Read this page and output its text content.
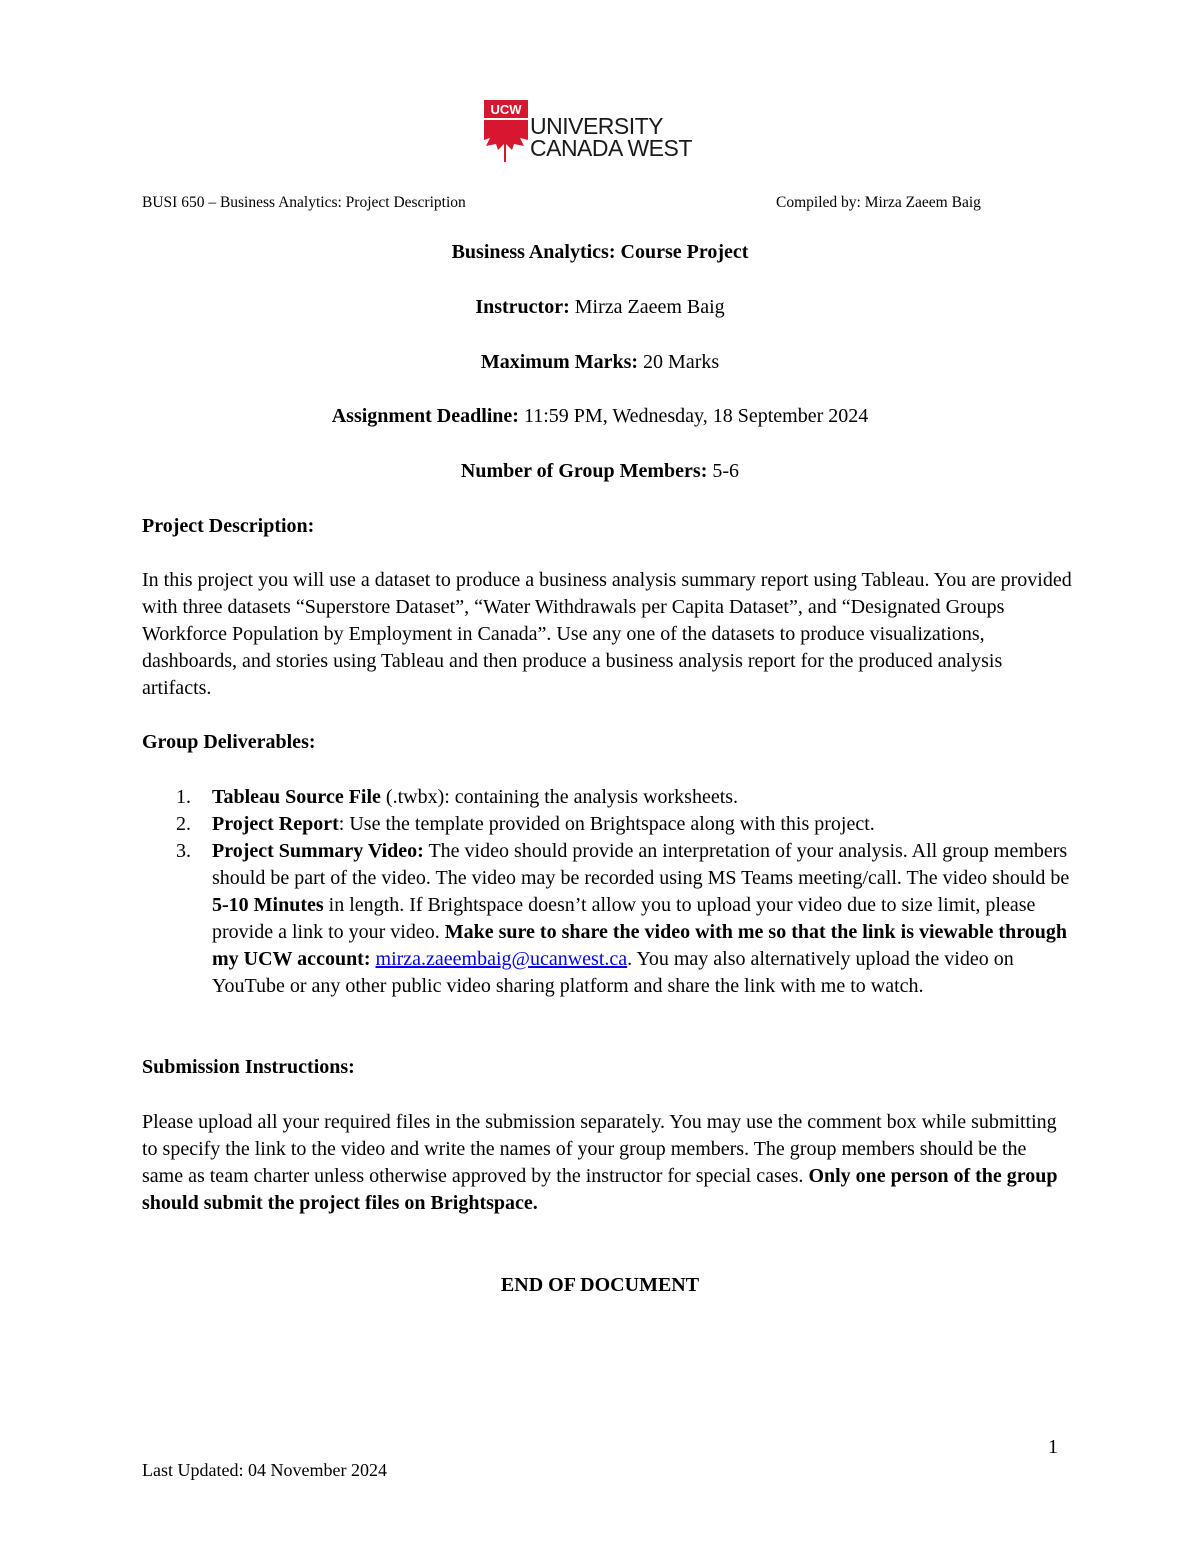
UCW
UNIVERSITY
CANADA WEST
BUSI 650 – Business Analytics: Project Description	Compiled by: Mirza Zaeem Baig
Business Analytics: Course Project
Instructor: Mirza Zaeem Baig
Maximum Marks: 20 Marks
Assignment Deadline: 11:59 PM, Wednesday, 18 September 2024
Number of Group Members: 5-6
Project Description:
In this project you will use a dataset to produce a business analysis summary report using Tableau. You are provided with three datasets “Superstore Dataset”, “Water Withdrawals per Capita Dataset”, and “Designated Groups Workforce Population by Employment in Canada”. Use any one of the datasets to produce visualizations, dashboards, and stories using Tableau and then produce a business analysis report for the produced analysis artifacts.
Group Deliverables:
1. Tableau Source File (.twbx): containing the analysis worksheets.
2. Project Report: Use the template provided on Brightspace along with this project.
3. Project Summary Video: The video should provide an interpretation of your analysis. All group members should be part of the video. The video may be recorded using MS Teams meeting/call. The video should be 5-10 Minutes in length. If Brightspace doesn’t allow you to upload your video due to size limit, please provide a link to your video. Make sure to share the video with me so that the link is viewable through my UCW account: mirza.zaeembaig@ucanwest.ca. You may also alternatively upload the video on YouTube or any other public video sharing platform and share the link with me to watch.
Submission Instructions:
Please upload all your required files in the submission separately. You may use the comment box while submitting to specify the link to the video and write the names of your group members. The group members should be the same as team charter unless otherwise approved by the instructor for special cases. Only one person of the group should submit the project files on Brightspace.
END OF DOCUMENT
1
Last Updated: 04 November 2024
